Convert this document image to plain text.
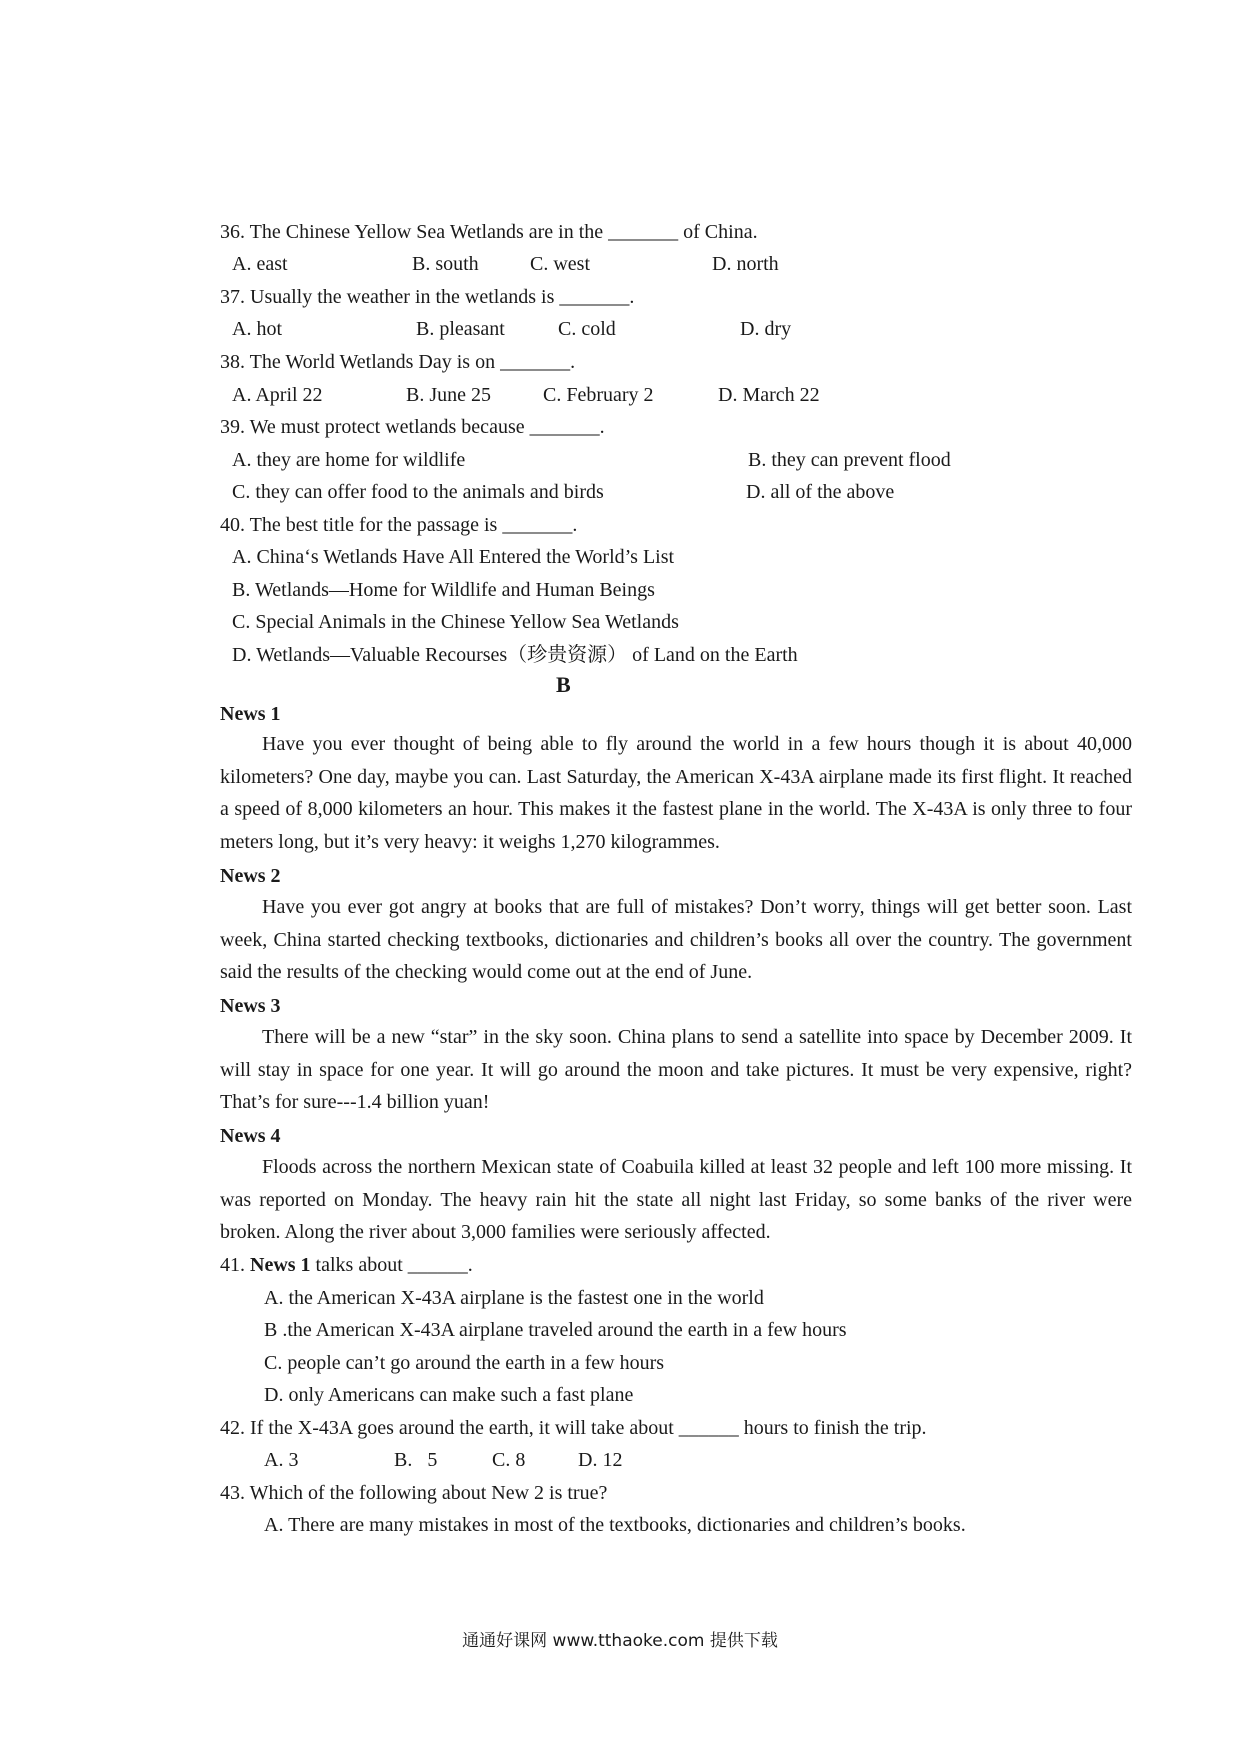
36. The Chinese Yellow Sea Wetlands are in the _______ of China.
A. east	B. south	C. west	D. north
37. Usually the weather in the wetlands is _______.
A. hot	B. pleasant	C. cold	D. dry
38. The World Wetlands Day is on _______.
A. April 22	B. June 25	C. February 2	D. March 22
39. We must protect wetlands because _______.
A. they are home for wildlife	B. they can prevent flood
C. they can offer food to the animals and birds	D. all of the above
40. The best title for the passage is _______.
A. China‘s Wetlands Have All Entered the World’s List
B. Wetlands—Home for Wildlife and Human Beings
C. Special Animals in the Chinese Yellow Sea Wetlands
D. Wetlands—Valuable Recourses（珍贵资源） of Land on the Earth
B
News 1
Have you ever thought of being able to fly around the world in a few hours though it is about 40,000 kilometers? One day, maybe you can. Last Saturday, the American X-43A airplane made its first flight. It reached a speed of 8,000 kilometers an hour. This makes it the fastest plane in the world. The X-43A is only three to four meters long, but it’s very heavy: it weighs 1,270 kilogrammes.
News 2
Have you ever got angry at books that are full of mistakes? Don’t worry, things will get better soon. Last week, China started checking textbooks, dictionaries and children’s books all over the country. The government said the results of the checking would come out at the end of June.
News 3
There will be a new “star” in the sky soon. China plans to send a satellite into space by December 2009. It will stay in space for one year. It will go around the moon and take pictures. It must be very expensive, right? That’s for sure---1.4 billion yuan!
News 4
Floods across the northern Mexican state of Coabuila killed at least 32 people and left 100 more missing. It was reported on Monday. The heavy rain hit the state all night last Friday, so some banks of the river were broken. Along the river about 3,000 families were seriously affected.
41. News 1 talks about ______.
A. the American X-43A airplane is the fastest one in the world
B .the American X-43A airplane traveled around the earth in a few hours
C. people can’t go around the earth in a few hours
D. only Americans can make such a fast plane
42. If the X-43A goes around the earth, it will take about ______ hours to finish the trip.
A. 3	B.   5	C. 8	D. 12
43. Which of the following about New 2 is true?
A. There are many mistakes in most of the textbooks, dictionaries and children’s books.
通通好课网 www.tthaoke.com 提供下载
